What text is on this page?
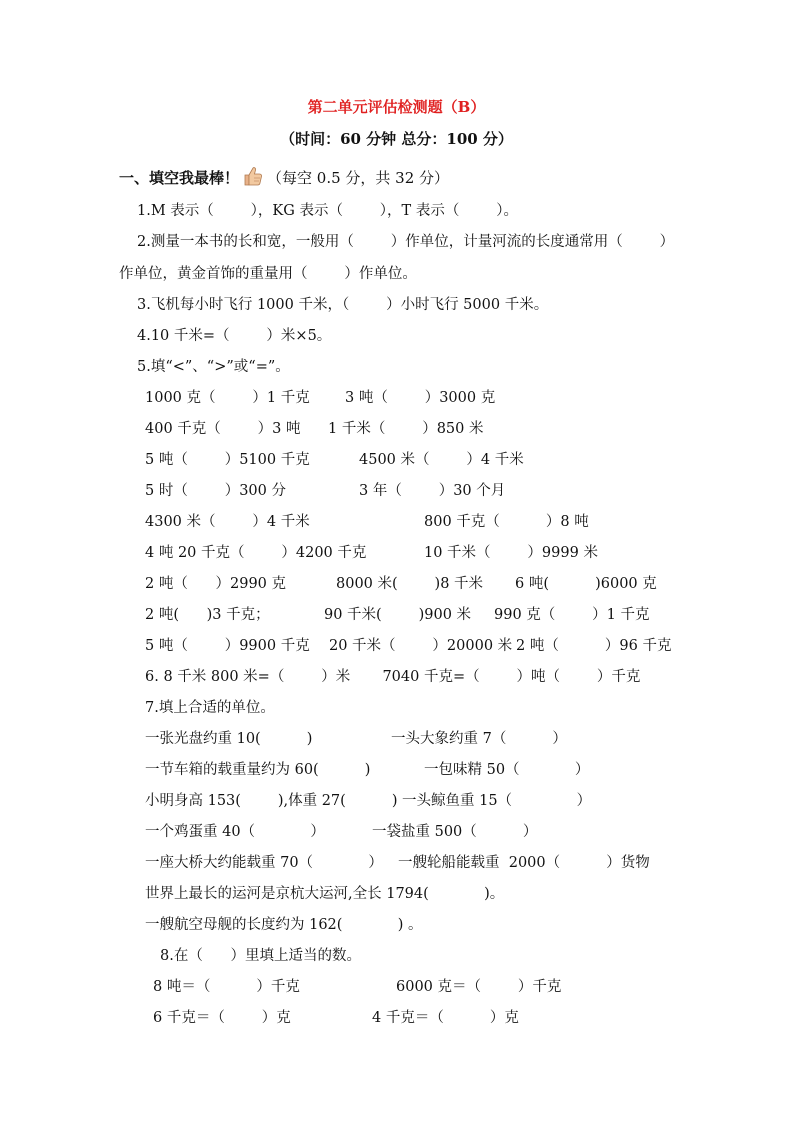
第二单元评估检测题（B）
（时间：60 分钟 总分：100 分）
一、填空我最棒！ （每空 0.5 分，共 32 分）
1.M 表示（        ），KG 表示（        ），T 表示（        ）。
2.测量一本书的长和宽，一般用（        ）作单位，计量河流的长度通常用（        ）
作单位，黄金首饰的重量用（        ）作单位。
3.飞机每小时飞行 1000 千米，（        ）小时飞行 5000 千米。
4.10 千米=（        ）米×5。
5.填“<”、“>”或“=”。
1000 克（        ）1 千克 3 吨（        ）3000 克
400 千克（        ）3 吨 1 千米（        ）850 米
5 吨（        ）5100 千克	4500 米（        ）4 千米
5 时（        ）300 分	3 年（        ）30 个月
4300 米（        ）4 千米	800 千克（          ）8 吨
4 吨 20 千克（        ）4200 千克	10 千米（        ）9999 米
2 吨（      ）2990 克	8000 米(        )8 千米 6 吨(          )6000 克
2 吨(      )3 千克；	90 千米(        )900 米 990 克（        ）1 千克
5 吨（        ）9900 千克 20 千米（        ）20000 米 2 吨（          ）96 千克
6. 8 千米 800 米=（        ）米       7040 千克=（        ）吨（        ）千克
7.填上合适的单位。
一张光盘约重 10(          )	一头大象约重 7（          ）
一节车箱的载重量约为 60(          )	一包味精 50（            ）
小明身高 153(        ),体重 27(          ) 一头鲸鱼重 15（              ）
一个鸡蛋重 40（            ）	一袋盐重 500（          ）
一座大桥大约能载重 70（            ） 一艘轮船能载重  2000（          ）货物
世界上最长的运河是京杭大运河,全长 1794(            )。
一艘航空母舰的长度约为 162(            ) 。
8.在（      ）里填上适当的数。
8 吨＝（          ）千克	6000 克＝（        ）千克
6 千克＝（        ）克	4 千克＝（          ）克
